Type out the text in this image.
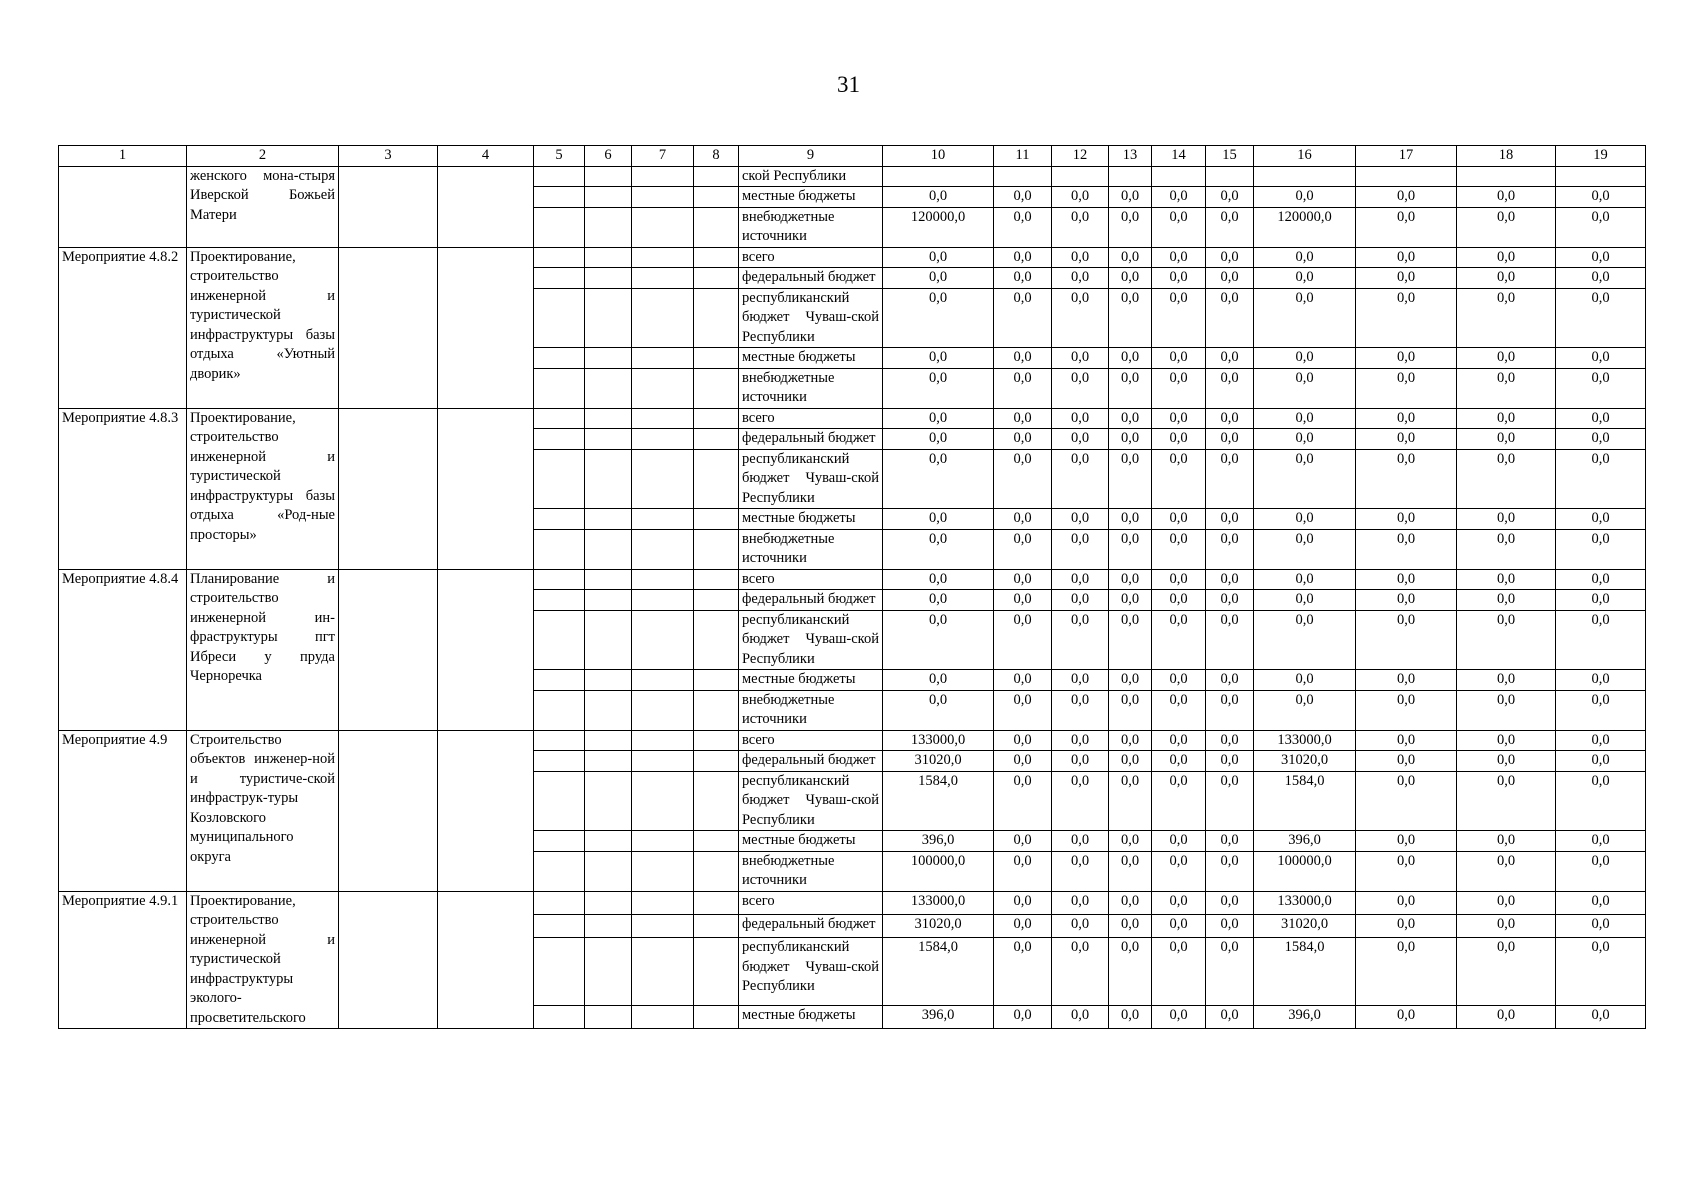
31
1	2	3	4	5	6	7	8	9	10	11	12	13	14	15	16	17	18	19
	женского мона-стыря Иверской Божьей Матери							ской Республики										
								местные бюджеты	0,0	0,0	0,0	0,0	0,0	0,0	0,0	0,0	0,0	0,0
								внебюджетные источники	120000,0	0,0	0,0	0,0	0,0	0,0	120000,0	0,0	0,0	0,0
Мероприятие 4.8.2	Проектирование, строительство инженерной и туристической инфраструктуры базы отдыха «Уютный дворик»							всего	0,0	0,0	0,0	0,0	0,0	0,0	0,0	0,0	0,0	0,0
								федеральный бюджет	0,0	0,0	0,0	0,0	0,0	0,0	0,0	0,0	0,0	0,0
								республиканский бюджет Чуваш-ской Республики	0,0	0,0	0,0	0,0	0,0	0,0	0,0	0,0	0,0	0,0
								местные бюджеты	0,0	0,0	0,0	0,0	0,0	0,0	0,0	0,0	0,0	0,0
								внебюджетные источники	0,0	0,0	0,0	0,0	0,0	0,0	0,0	0,0	0,0	0,0
Мероприятие 4.8.3	Проектирование, строительство инженерной и туристической инфраструктуры базы отдыха «Род-ные просторы»							всего	0,0	0,0	0,0	0,0	0,0	0,0	0,0	0,0	0,0	0,0
								федеральный бюджет	0,0	0,0	0,0	0,0	0,0	0,0	0,0	0,0	0,0	0,0
								республиканский бюджет Чуваш-ской Республики	0,0	0,0	0,0	0,0	0,0	0,0	0,0	0,0	0,0	0,0
								местные бюджеты	0,0	0,0	0,0	0,0	0,0	0,0	0,0	0,0	0,0	0,0
								внебюджетные источники	0,0	0,0	0,0	0,0	0,0	0,0	0,0	0,0	0,0	0,0
Мероприятие 4.8.4	Планирование и строительство инженерной ин-фраструктуры пгт Ибреси у пруда Черноречка							всего	0,0	0,0	0,0	0,0	0,0	0,0	0,0	0,0	0,0	0,0
								федеральный бюджет	0,0	0,0	0,0	0,0	0,0	0,0	0,0	0,0	0,0	0,0
								республиканский бюджет Чуваш-ской Республики	0,0	0,0	0,0	0,0	0,0	0,0	0,0	0,0	0,0	0,0
								местные бюджеты	0,0	0,0	0,0	0,0	0,0	0,0	0,0	0,0	0,0	0,0
								внебюджетные источники	0,0	0,0	0,0	0,0	0,0	0,0	0,0	0,0	0,0	0,0
Мероприятие 4.9	Строительство объектов инженер-ной и туристиче-ской инфраструк-туры Козловского муниципального округа							всего	133000,0	0,0	0,0	0,0	0,0	0,0	133000,0	0,0	0,0	0,0
								федеральный бюджет	31020,0	0,0	0,0	0,0	0,0	0,0	31020,0	0,0	0,0	0,0
								республиканский бюджет Чуваш-ской Республики	1584,0	0,0	0,0	0,0	0,0	0,0	1584,0	0,0	0,0	0,0
								местные бюджеты	396,0	0,0	0,0	0,0	0,0	0,0	396,0	0,0	0,0	0,0
								внебюджетные источники	100000,0	0,0	0,0	0,0	0,0	0,0	100000,0	0,0	0,0	0,0
Мероприятие 4.9.1	Проектирование, строительство инженерной и туристической инфраструктуры эколого-просветительского							всего	133000,0	0,0	0,0	0,0	0,0	0,0	133000,0	0,0	0,0	0,0
								федеральный бюджет	31020,0	0,0	0,0	0,0	0,0	0,0	31020,0	0,0	0,0	0,0
								республиканский бюджет Чуваш-ской Республики	1584,0	0,0	0,0	0,0	0,0	0,0	1584,0	0,0	0,0	0,0
								местные бюджеты	396,0	0,0	0,0	0,0	0,0	0,0	396,0	0,0	0,0	0,0
